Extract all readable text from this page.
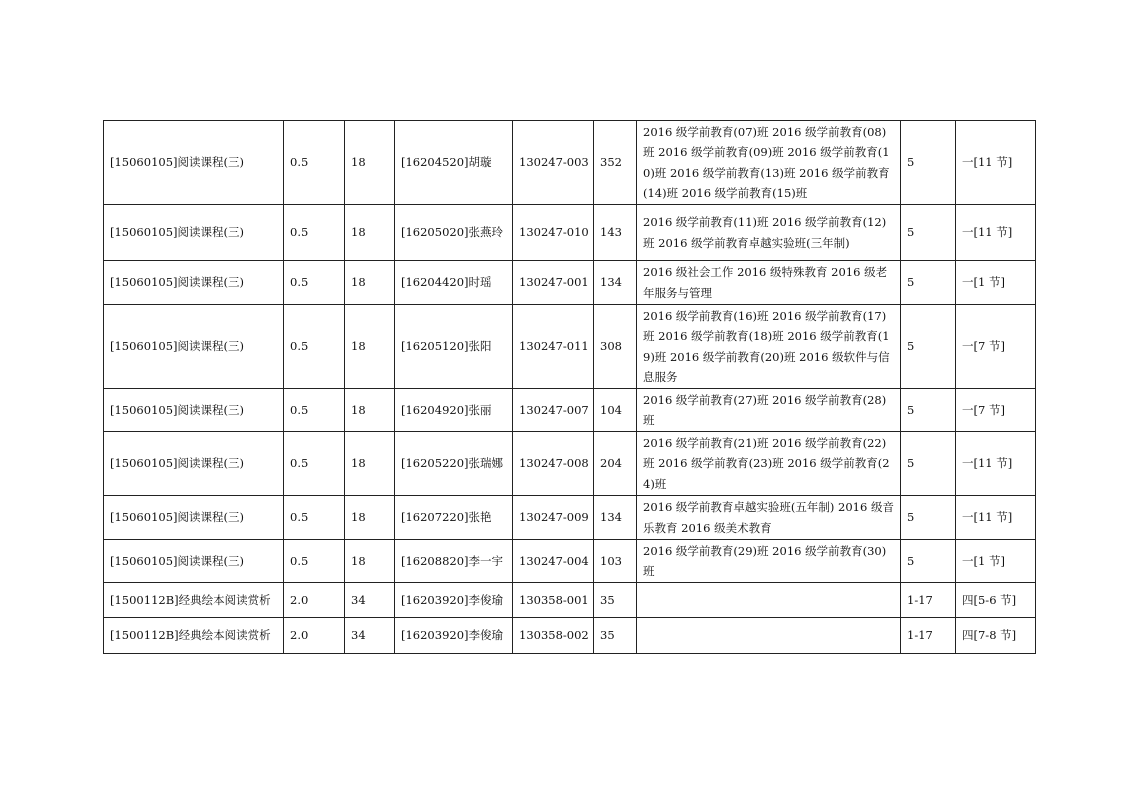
[15060105]阅读课程(三)	0.5	18	[16204520]胡璇	130247-003	352	2016 级学前教育(07)班 2016 级学前教育(08)班 2016 级学前教育(09)班 2016 级学前教育(10)班 2016 级学前教育(13)班 2016 级学前教育(14)班 2016 级学前教育(15)班	5	一[11 节]
[15060105]阅读课程(三)	0.5	18	[16205020]张燕玲	130247-010	143	2016 级学前教育(11)班 2016 级学前教育(12)班 2016 级学前教育卓越实验班(三年制)	5	一[11 节]
[15060105]阅读课程(三)	0.5	18	[16204420]时瑶	130247-001	134	2016 级社会工作 2016 级特殊教育 2016 级老年服务与管理	5	一[1 节]
[15060105]阅读课程(三)	0.5	18	[16205120]张阳	130247-011	308	2016 级学前教育(16)班 2016 级学前教育(17)班 2016 级学前教育(18)班 2016 级学前教育(19)班 2016 级学前教育(20)班 2016 级软件与信息服务	5	一[7 节]
[15060105]阅读课程(三)	0.5	18	[16204920]张丽	130247-007	104	2016 级学前教育(27)班 2016 级学前教育(28)班	5	一[7 节]
[15060105]阅读课程(三)	0.5	18	[16205220]张瑞娜	130247-008	204	2016 级学前教育(21)班 2016 级学前教育(22)班 2016 级学前教育(23)班 2016 级学前教育(24)班	5	一[11 节]
[15060105]阅读课程(三)	0.5	18	[16207220]张艳	130247-009	134	2016 级学前教育卓越实验班(五年制) 2016 级音乐教育 2016 级美术教育	5	一[11 节]
[15060105]阅读课程(三)	0.5	18	[16208820]李一宇	130247-004	103	2016 级学前教育(29)班 2016 级学前教育(30)班	5	一[1 节]
[1500112B]经典绘本阅读赏析	2.0	34	[16203920]李俊瑜	130358-001	35		1-17	四[5-6 节]
[1500112B]经典绘本阅读赏析	2.0	34	[16203920]李俊瑜	130358-002	35		1-17	四[7-8 节]
